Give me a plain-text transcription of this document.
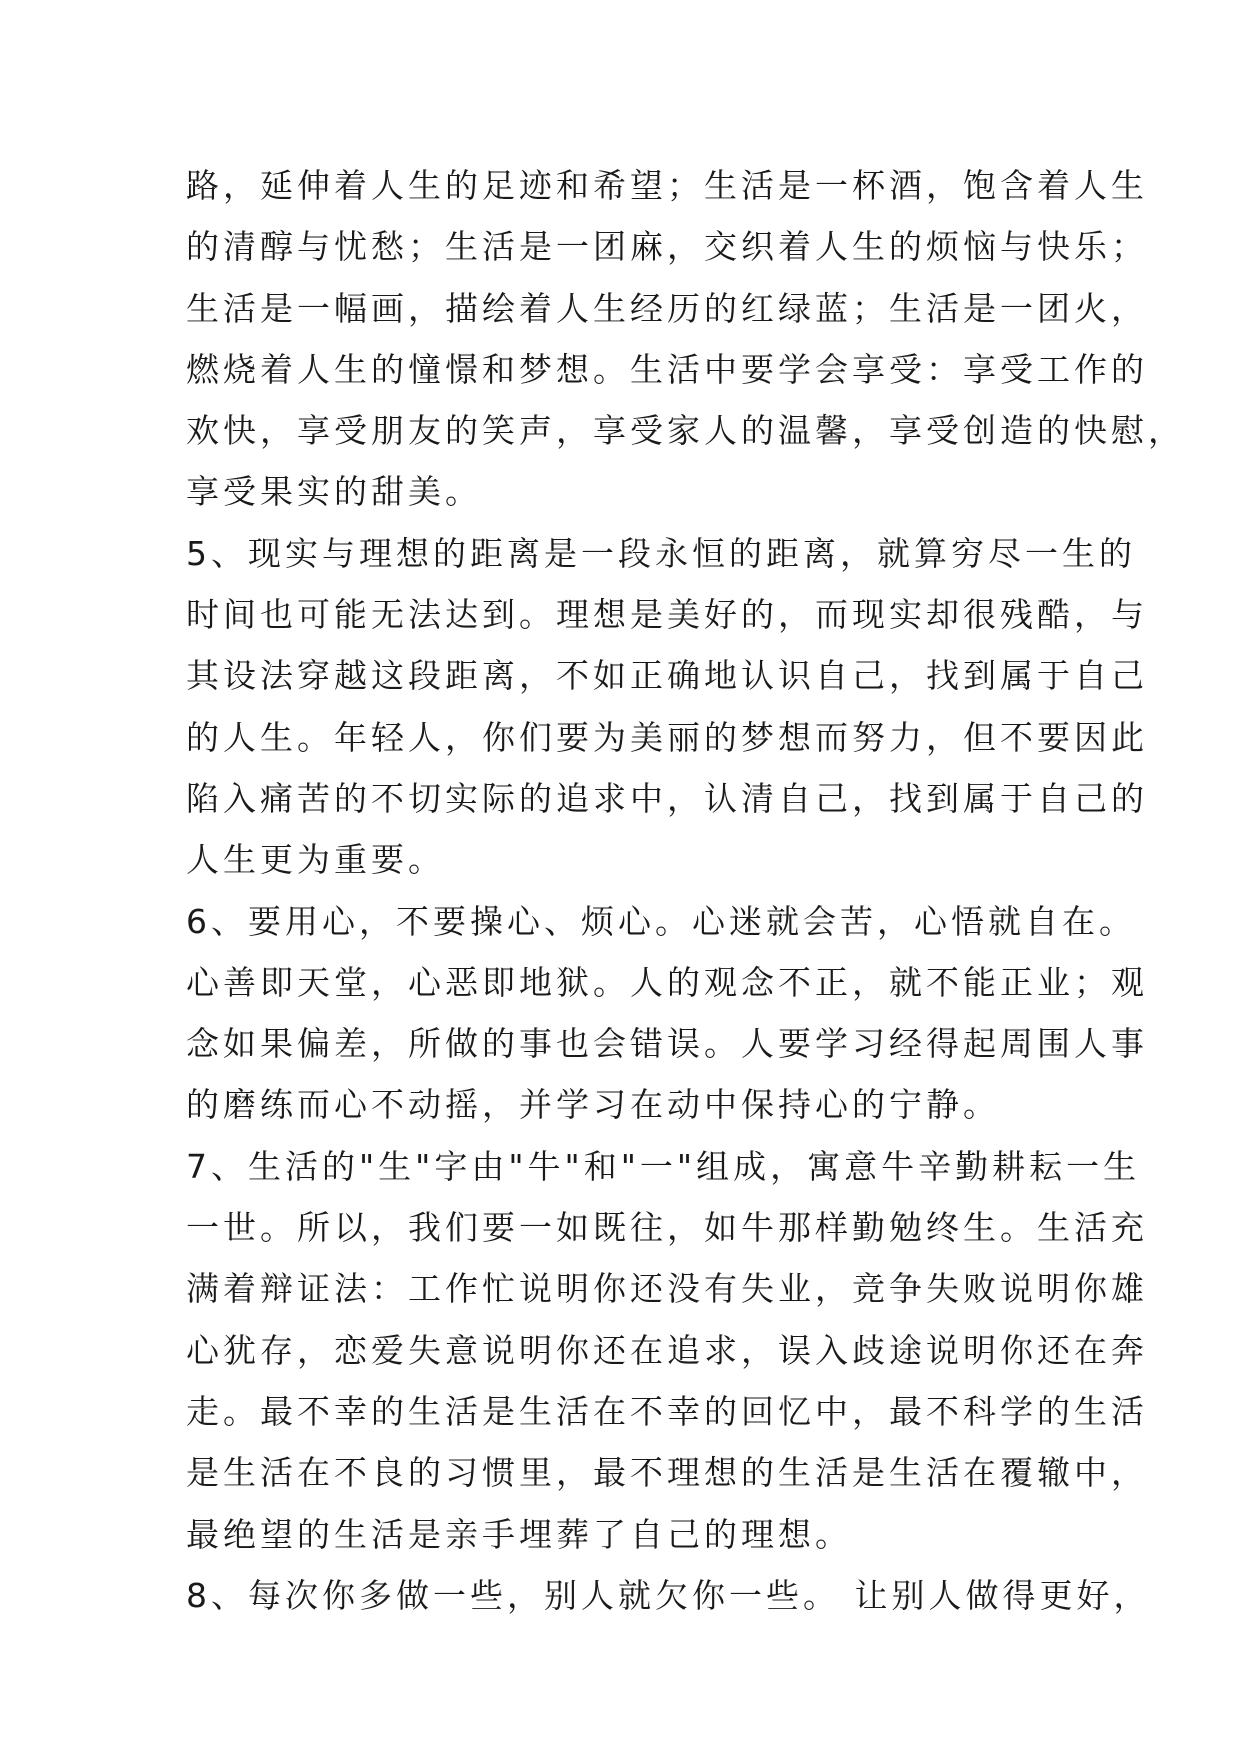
路，延伸着人生的足迹和希望；生活是一杯酒，饱含着人生
的清醇与忧愁；生活是一团麻，交织着人生的烦恼与快乐；
生活是一幅画，描绘着人生经历的红绿蓝；生活是一团火，
燃烧着人生的憧憬和梦想。生活中要学会享受：享受工作的
欢快，享受朋友的笑声，享受家人的温馨，享受创造的快慰，
享受果实的甜美。
5、现实与理想的距离是一段永恒的距离，就算穷尽一生的
时间也可能无法达到。理想是美好的，而现实却很残酷，与
其设法穿越这段距离，不如正确地认识自己，找到属于自己
的人生。年轻人，你们要为美丽的梦想而努力，但不要因此
陷入痛苦的不切实际的追求中，认清自己，找到属于自己的
人生更为重要。
6、要用心，不要操心、烦心。心迷就会苦，心悟就自在。
心善即天堂，心恶即地狱。人的观念不正，就不能正业；观
念如果偏差，所做的事也会错误。人要学习经得起周围人事
的磨练而心不动摇，并学习在动中保持心的宁静。
7、生活的"生"字由"牛"和"一"组成，寓意牛辛勤耕耘一生
一世。所以，我们要一如既往，如牛那样勤勉终生。生活充
满着辩证法：工作忙说明你还没有失业，竞争失败说明你雄
心犹存，恋爱失意说明你还在追求，误入歧途说明你还在奔
走。最不幸的生活是生活在不幸的回忆中，最不科学的生活
是生活在不良的习惯里，最不理想的生活是生活在覆辙中，
最绝望的生活是亲手埋葬了自己的理想。
8、每次你多做一些，别人就欠你一些。 让别人做得更好，
